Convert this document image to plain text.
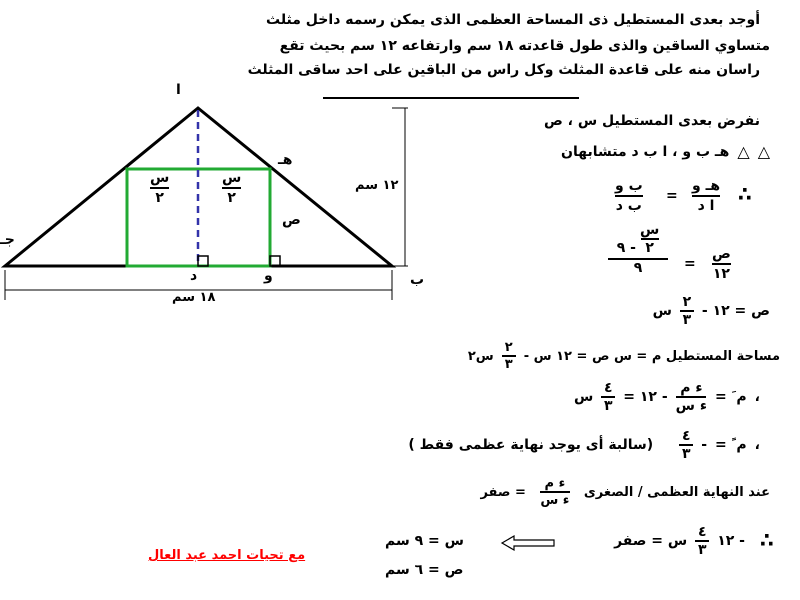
أوجد بعدى المستطيل ذى المساحة العظمى الذى يمكن رسمه داخل مثلث
متساوي الساقين والذى طول قاعدته ١٨ سم وارتفاعه ١٢ سم بحيث تقع
راسان منه على قاعدة المثلث وكل راس من الباقين على احد ساقى المثلث
ا
جـ
ب
هـ
د	و
ص
س
٢
س
٢
١٢ سم
١٨ سم
نفرض بعدى المستطيل س ، ص
هـ ب و ، ا ب د متشابهان △ △
ب و
ب د
=
هـ و
ا د ∴
٩ -
س
٢
٩	=
ص
١٢
ص = ١٢ -
٢
٣
س
مساحة المستطيل م = س ص = ١٢ س -
٢
٣
س٢
،
م َ =
ء م
ء س
= ١٢ -
٤
٣
س
،
م ً =
-
٤
٣
(سالبة أى يوجد نهاية عظمى فقط )
عند النهاية العظمى / الصغرى
ء م
ء س
= صفر
∴
١٢ -
٤
٣
س = صفر
س = ٩ سم
ص = ٦ سم
مع تحيات احمد عبد العال
